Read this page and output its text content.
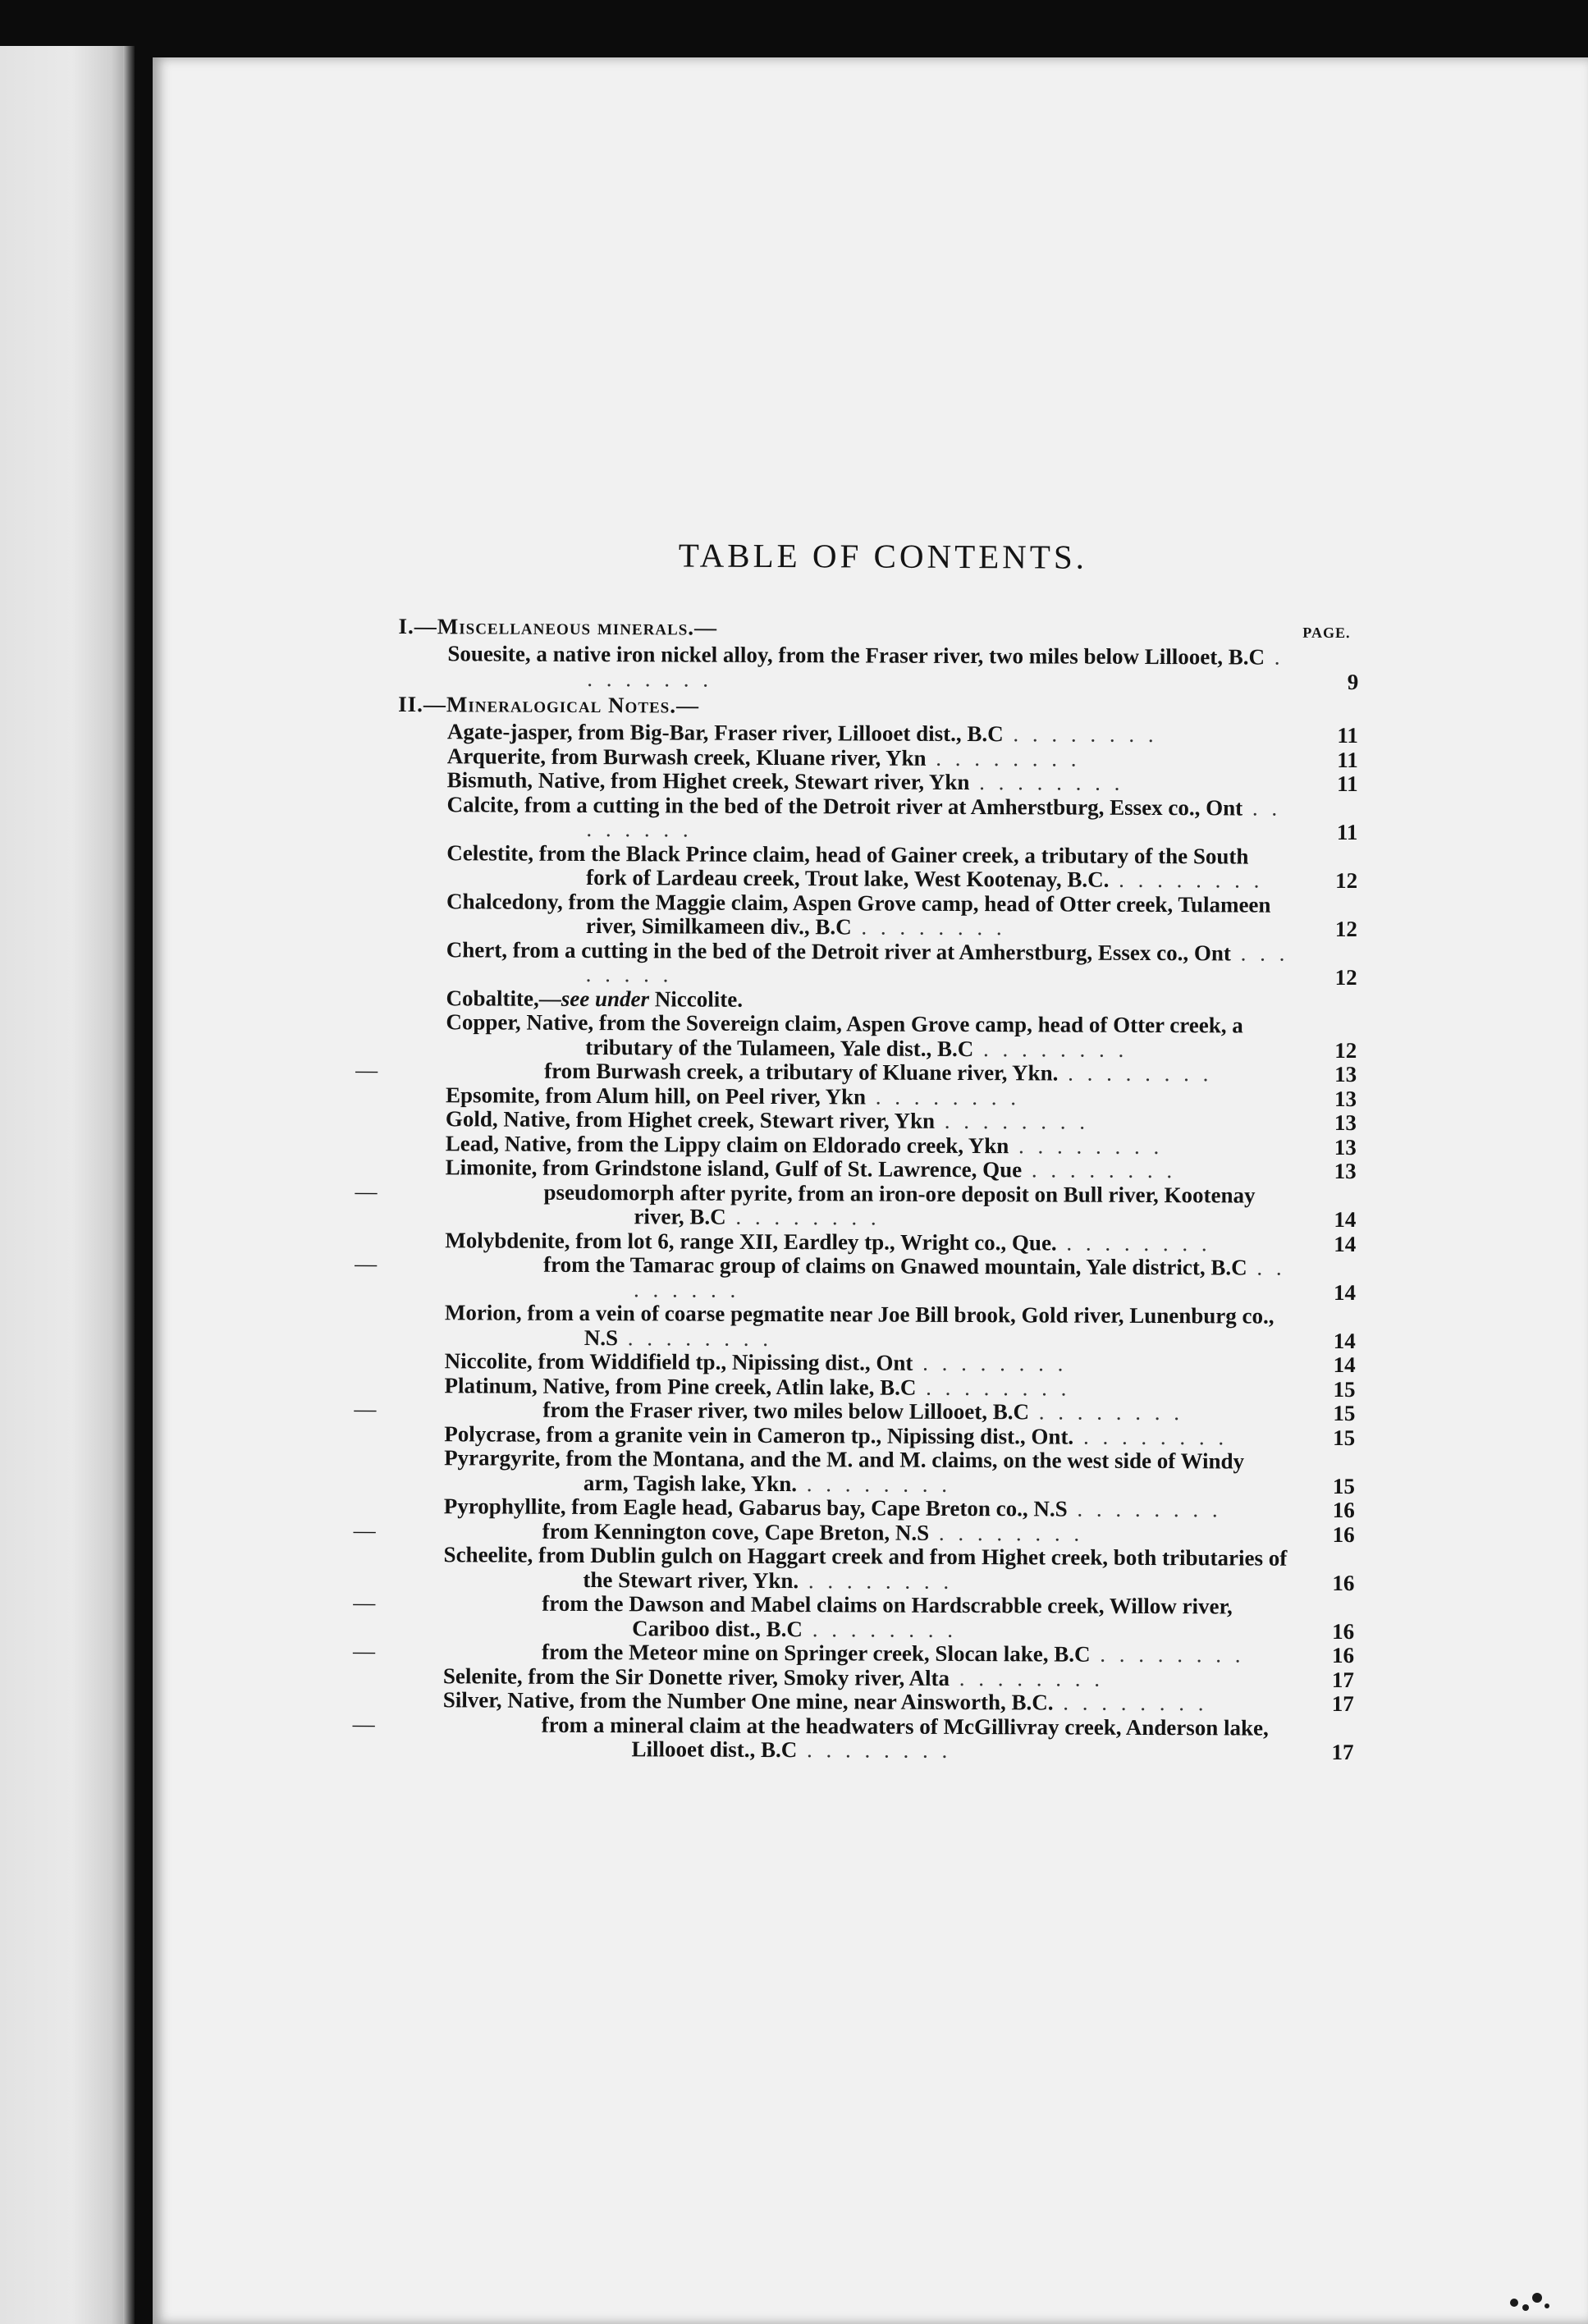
TABLE OF CONTENTS.
I.—Miscellaneous minerals.—	PAGE.
Souesite, a native iron nickel alloy, from the Fraser river, two miles below Lillooet, B.C . . . . . . . .	9
II.—Mineralogical Notes.—
Agate-jasper, from Big-Bar, Fraser river, Lillooet dist., B.C . . . . . . . .	11
Arquerite, from Burwash creek, Kluane river, Ykn . . . . . . . .	11
Bismuth, Native, from Highet creek, Stewart river, Ykn . . . . . . . .	11
Calcite, from a cutting in the bed of the Detroit river at Amherstburg, Essex co., Ont . . . . . . . .	11
Celestite, from the Black Prince claim, head of Gainer creek, a tributary of the South fork of Lardeau creek, Trout lake, West Kootenay, B.C. . . . . . . . .	12
Chalcedony, from the Maggie claim, Aspen Grove camp, head of Otter creek, Tulameen river, Similkameen div., B.C . . . . . . . .	12
Chert, from a cutting in the bed of the Detroit river at Amherstburg, Essex co., Ont . . . . . . . .	12
Cobaltite,—see under Niccolite.
Copper, Native, from the Sovereign claim, Aspen Grove camp, head of Otter creek, a tributary of the Tulameen, Yale dist., B.C . . . . . . . .	12
—	from Burwash creek, a tributary of Kluane river, Ykn. . . . . . . . .	13
Epsomite, from Alum hill, on Peel river, Ykn . . . . . . . .	13
Gold, Native, from Highet creek, Stewart river, Ykn . . . . . . . .	13
Lead, Native, from the Lippy claim on Eldorado creek, Ykn . . . . . . . .	13
Limonite, from Grindstone island, Gulf of St. Lawrence, Que . . . . . . . .	13
—	pseudomorph after pyrite, from an iron-ore deposit on Bull river, Kootenay river, B.C . . . . . . . .	14
Molybdenite, from lot 6, range XII, Eardley tp., Wright co., Que. . . . . . . . .	14
—	from the Tamarac group of claims on Gnawed mountain, Yale district, B.C . . . . . . . .	14
Morion, from a vein of coarse pegmatite near Joe Bill brook, Gold river, Lunenburg co., N.S . . . . . . . .	14
Niccolite, from Widdifield tp., Nipissing dist., Ont . . . . . . . .	14
Platinum, Native, from Pine creek, Atlin lake, B.C . . . . . . . .	15
—	from the Fraser river, two miles below Lillooet, B.C . . . . . . . .	15
Polycrase, from a granite vein in Cameron tp., Nipissing dist., Ont. . . . . . . . .	15
Pyrargyrite, from the Montana, and the M. and M. claims, on the west side of Windy arm, Tagish lake, Ykn. . . . . . . . .	15
Pyrophyllite, from Eagle head, Gabarus bay, Cape Breton co., N.S . . . . . . . .	16
—	from Kennington cove, Cape Breton, N.S . . . . . . . .	16
Scheelite, from Dublin gulch on Haggart creek and from Highet creek, both tributaries of the Stewart river, Ykn. . . . . . . . .	16
—	from the Dawson and Mabel claims on Hardscrabble creek, Willow river, Cariboo dist., B.C . . . . . . . .	16
—	from the Meteor mine on Springer creek, Slocan lake, B.C . . . . . . . .	16
Selenite, from the Sir Donette river, Smoky river, Alta . . . . . . . .	17
Silver, Native, from the Number One mine, near Ainsworth, B.C. . . . . . . . .	17
—	from a mineral claim at the headwaters of McGillivray creek, Anderson lake, Lillooet dist., B.C . . . . . . . .	17
